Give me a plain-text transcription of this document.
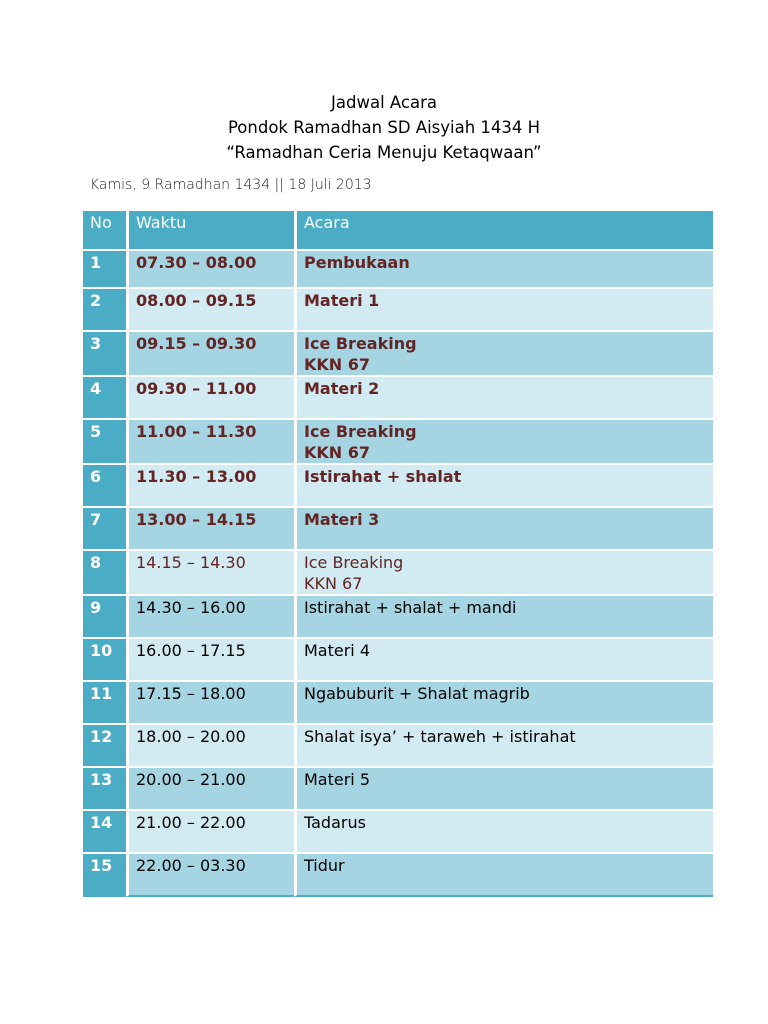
Jadwal Acara
Pondok Ramadhan SD Aisyiah 1434 H
“Ramadhan Ceria Menuju Ketaqwaan”
Kamis, 9 Ramadhan 1434 || 18 Juli 2013
No	Waktu	Acara
1	07.30 – 08.00	Pembukaan

2	08.00 – 09.15	Materi 1

3	09.15 – 09.30	Ice Breaking
KKN 67

4	09.30 – 11.00	Materi 2

5	11.00 – 11.30	Ice Breaking
KKN 67

6	11.30 – 13.00	Istirahat + shalat

7	13.00 – 14.15	Materi 3

8	14.15 – 14.30	Ice Breaking
KKN 67

9	14.30 – 16.00	Istirahat + shalat + mandi

10	16.00 – 17.15	Materi 4

11	17.15 – 18.00	Ngabuburit + Shalat magrib

12	18.00 – 20.00	Shalat isya’ + taraweh + istirahat

13	20.00 – 21.00	Materi 5

14	21.00 – 22.00	Tadarus

15	22.00 – 03.30	Tidur
